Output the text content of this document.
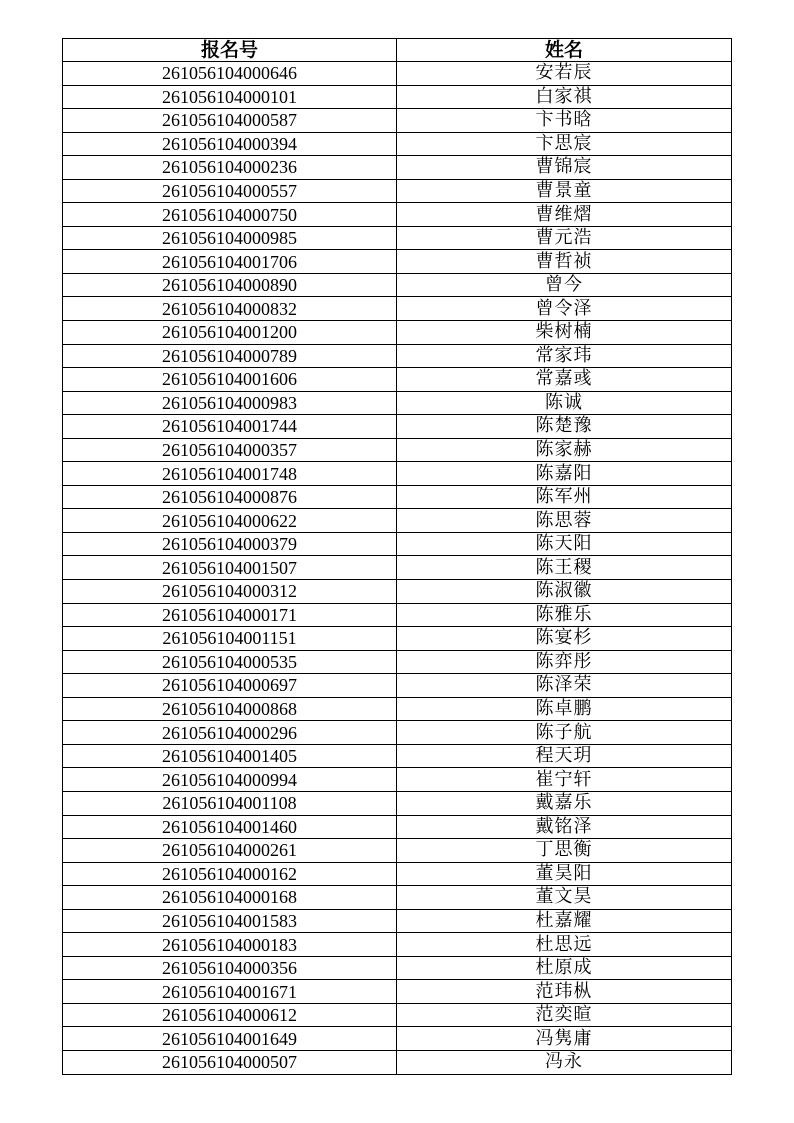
报名号	姓名
261056104000646	安若辰
261056104000101	白家祺
261056104000587	卞书晗
261056104000394	卞思宸
261056104000236	曹锦宸
261056104000557	曹景童
261056104000750	曹维熠
261056104000985	曹元浩
261056104001706	曹哲祯
261056104000890	曾今
261056104000832	曾令泽
261056104001200	柴树楠
261056104000789	常家玮
261056104001606	常嘉彧
261056104000983	陈诚
261056104001744	陈楚豫
261056104000357	陈家赫
261056104001748	陈嘉阳
261056104000876	陈军州
261056104000622	陈思蓉
261056104000379	陈天阳
261056104001507	陈王稷
261056104000312	陈淑徽
261056104000171	陈雅乐
261056104001151	陈宴杉
261056104000535	陈弈彤
261056104000697	陈泽荣
261056104000868	陈卓鹏
261056104000296	陈子航
261056104001405	程天玥
261056104000994	崔宁轩
261056104001108	戴嘉乐
261056104001460	戴铭泽
261056104000261	丁思衡
261056104000162	董昊阳
261056104000168	董文昊
261056104001583	杜嘉耀
261056104000183	杜思远
261056104000356	杜原成
261056104001671	范玮枞
261056104000612	范奕暄
261056104001649	冯隽庸
261056104000507	冯永
